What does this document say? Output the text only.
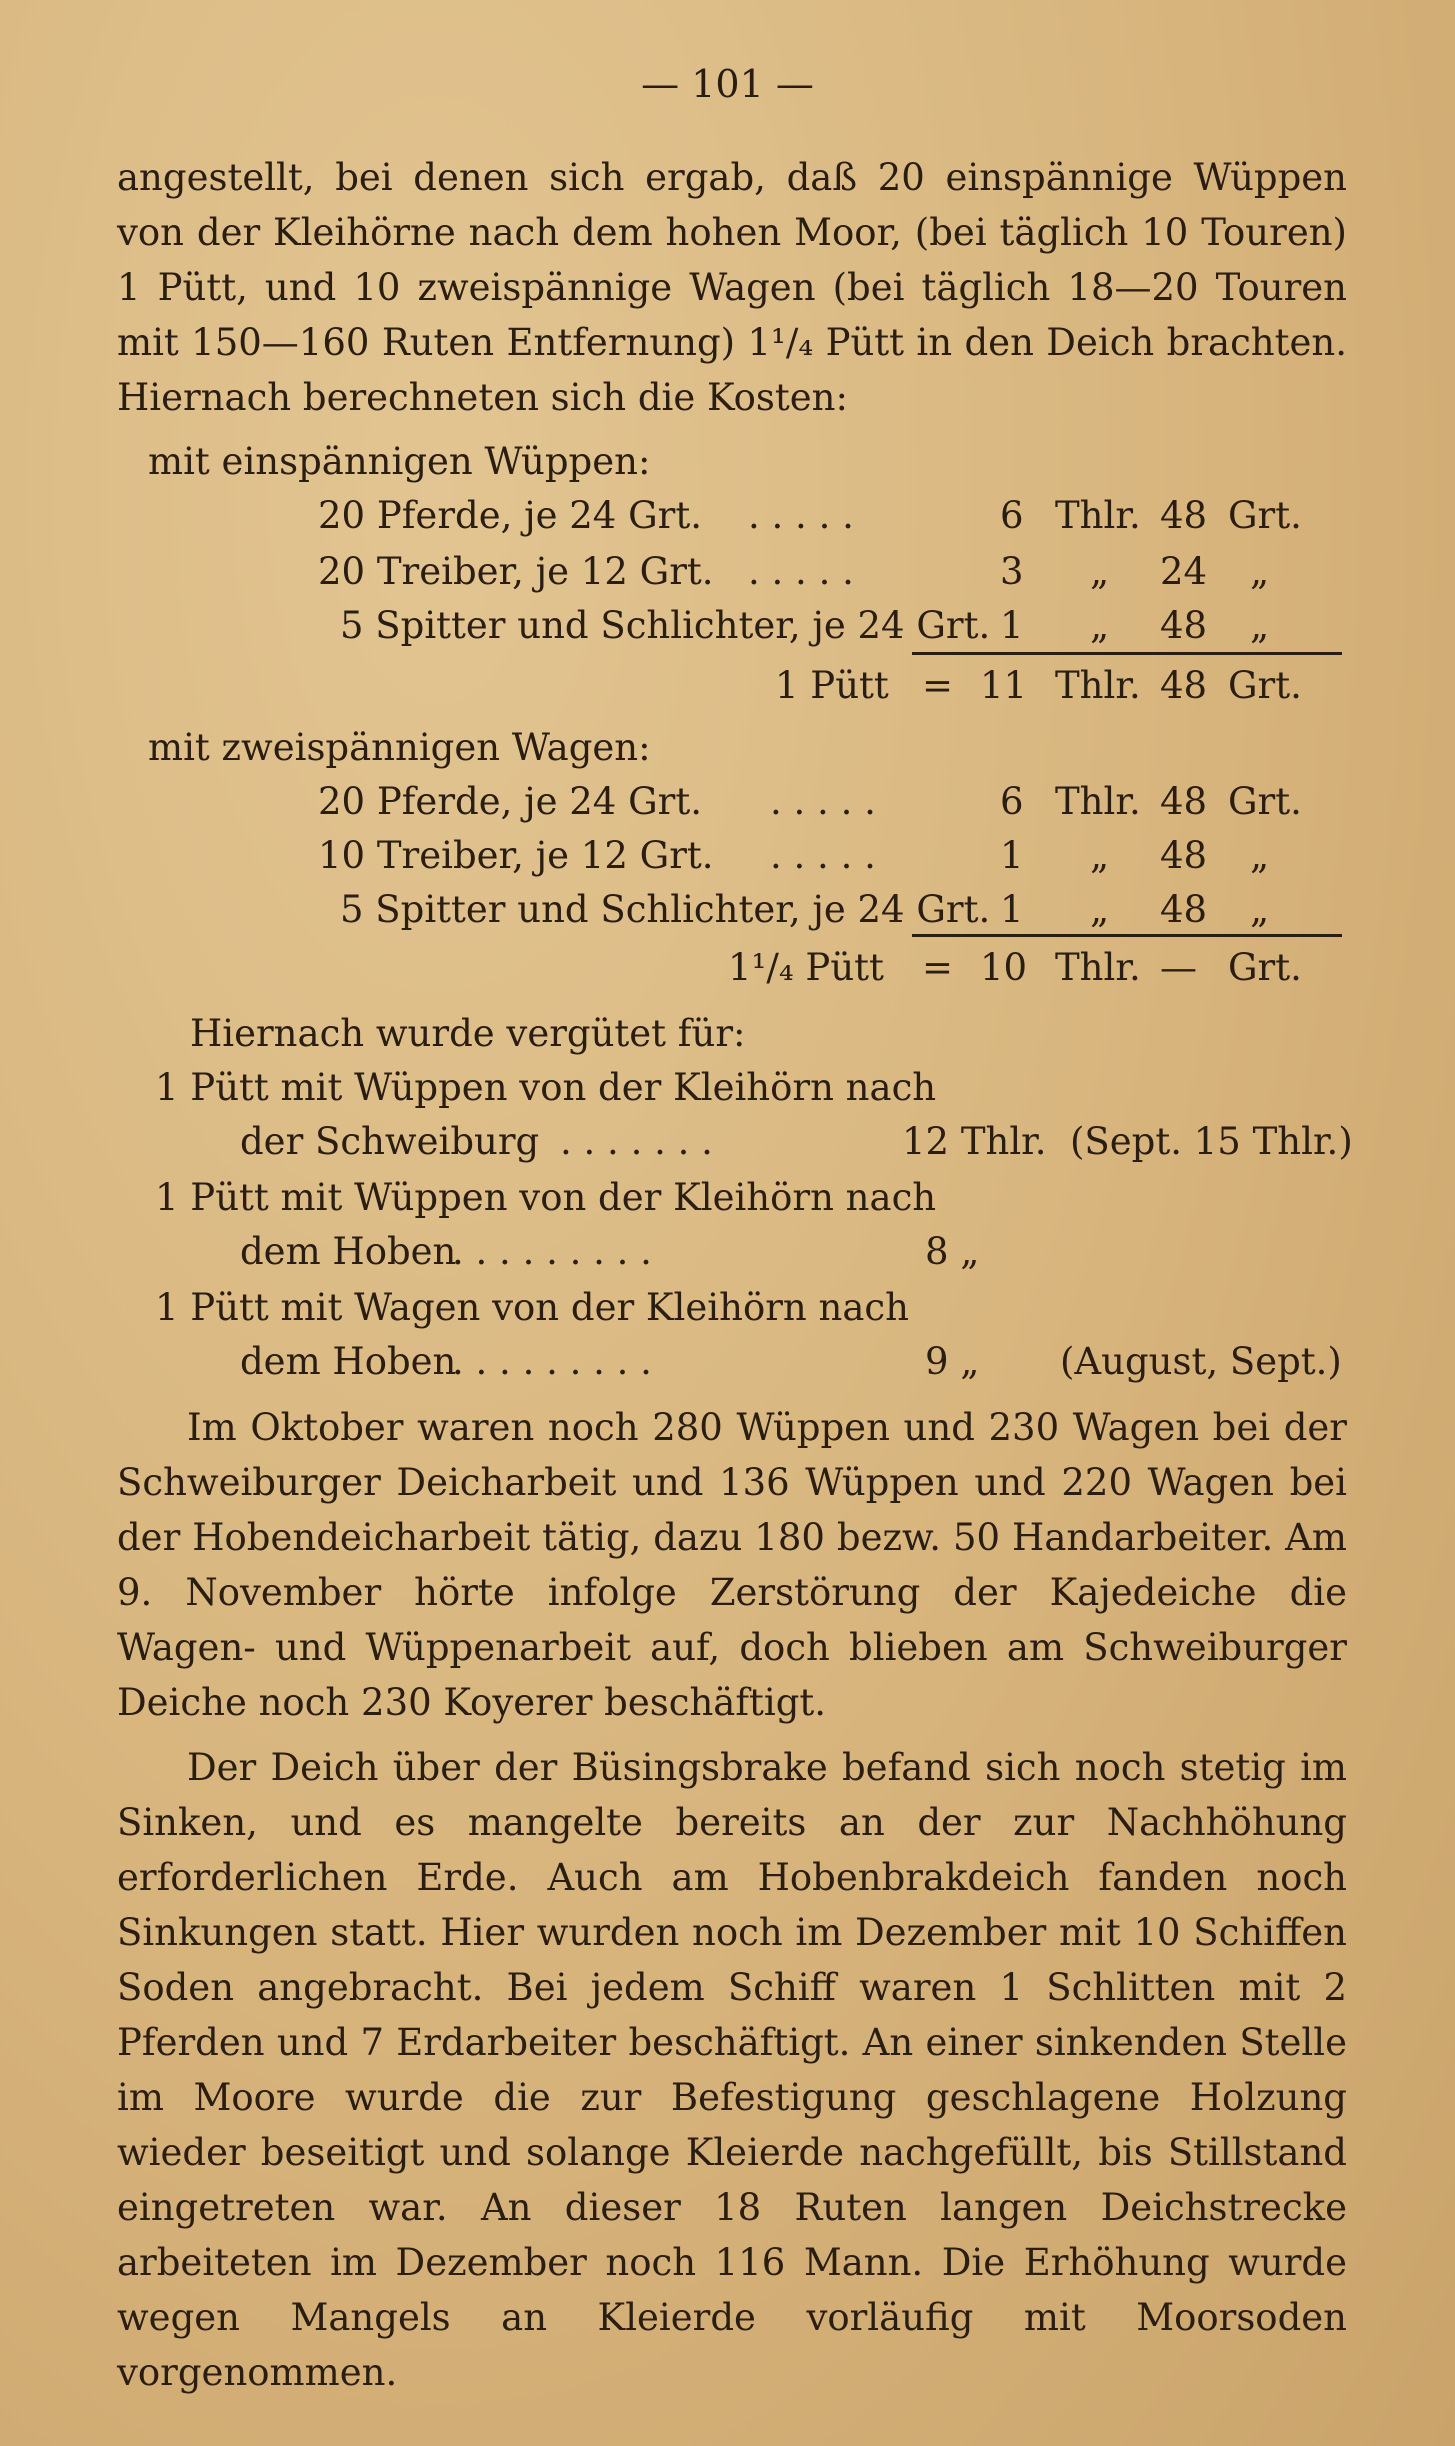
— 101 —
angestellt, bei denen sich ergab, daß 20 einspännige Wüppen von der Kleihörne nach dem hohen Moor, (bei täglich 10 Touren) 1 Pütt, und 10 zweispännige Wagen (bei täglich 18—20 Touren mit 150—160 Ruten Entfernung) 1¹/₄ Pütt in den Deich brachten. Hiernach berechneten sich die Kosten:
mit einspännigen Wüppen:
20 Pferde, je 24 Grt. . . . . .	6 Thlr. 48 Grt.
20 Treiber, je 12 Grt. . . . . .	3 „ 24 „
5 Spitter und Schlichter, je 24 Grt. 1 „ 48 „
1 Pütt = 11 Thlr. 48 Grt.
mit zweispännigen Wagen:
20 Pferde, je 24 Grt. . . . . .	6 Thlr. 48 Grt.
10 Treiber, je 12 Grt. . . . . .	1 „ 48 „
5 Spitter und Schlichter, je 24 Grt. 1 „ 48 „
1¹/₄ Pütt = 10 Thlr. — Grt.
Hiernach wurde vergütet für:
1 Pütt mit Wüppen von der Kleihörn nach
der Schweiburg . . . . . . .	12 Thlr. (Sept. 15 Thlr.)
1 Pütt mit Wüppen von der Kleihörn nach
dem Hoben
. . . . . . . . .	8 „
1 Pütt mit Wagen von der Kleihörn nach
dem Hoben
. . . . . . . . .	9 „ (August, Sept.)
Im Oktober waren noch 280 Wüppen und 230 Wagen bei der Schweiburger Deicharbeit und 136 Wüppen und 220 Wagen bei der Hobendeicharbeit tätig, dazu 180 bezw. 50 Handarbeiter. Am 9. November hörte infolge Zerstörung der Kajedeiche die Wagen- und Wüppenarbeit auf, doch blieben am Schweiburger Deiche noch 230 Koyerer beschäftigt.
Der Deich über der Büsingsbrake befand sich noch stetig im Sinken, und es mangelte bereits an der zur Nachhöhung erforderlichen Erde. Auch am Hobenbrakdeich fanden noch Sinkungen statt. Hier wurden noch im Dezember mit 10 Schiffen Soden angebracht. Bei jedem Schiff waren 1 Schlitten mit 2 Pferden und 7 Erdarbeiter beschäftigt. An einer sinkenden Stelle im Moore wurde die zur Befestigung geschlagene Holzung wieder beseitigt und solange Kleierde nachgefüllt, bis Stillstand eingetreten war. An dieser 18 Ruten langen Deichstrecke arbeiteten im Dezember noch 116 Mann. Die Erhöhung wurde wegen Mangels an Kleierde vorläufig mit Moorsoden vorgenommen.
